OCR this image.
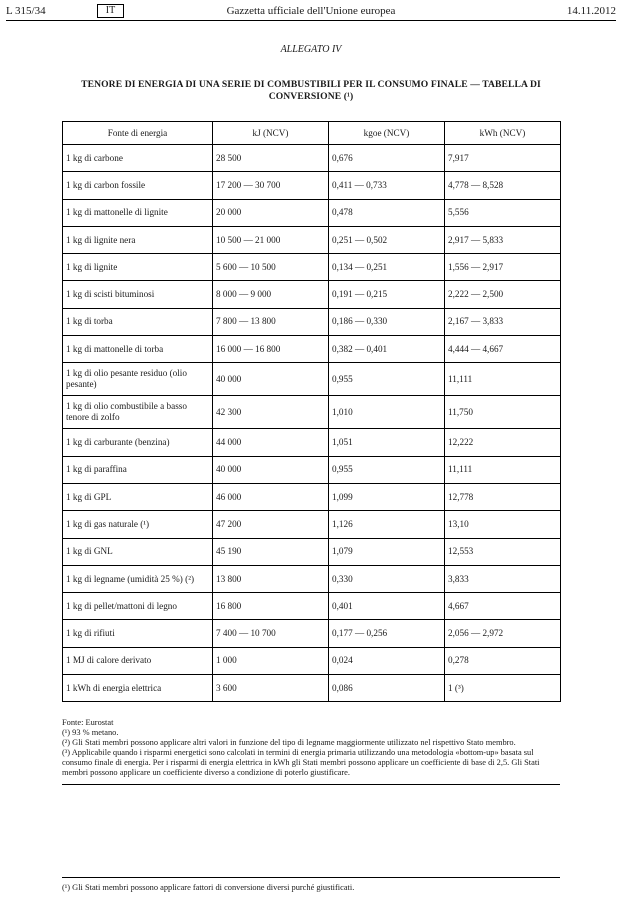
L 315/34	Gazzetta ufficiale dell'Unione europea
IT	14.11.2012
ALLEGATO IV
TENORE DI ENERGIA DI UNA SERIE DI COMBUSTIBILI PER IL CONSUMO FINALE — TABELLA DI CONVERSIONE (¹)
Fonte di energia	kJ (NCV)	kgoe (NCV)	kWh (NCV)
1 kg di carbone	28 500	0,676	7,917
1 kg di carbon fossile	17 200 — 30 700	0,411 — 0,733	4,778 — 8,528
1 kg di mattonelle di lignite	20 000	0,478	5,556
1 kg di lignite nera	10 500 — 21 000	0,251 — 0,502	2,917 — 5,833
1 kg di lignite	5 600 — 10 500	0,134 — 0,251	1,556 — 2,917
1 kg di scisti bituminosi	8 000 — 9 000	0,191 — 0,215	2,222 — 2,500
1 kg di torba	7 800 — 13 800	0,186 — 0,330	2,167 — 3,833
1 kg di mattonelle di torba	16 000 — 16 800	0,382 — 0,401	4,444 — 4,667
1 kg di olio pesante residuo (olio pesante)	40 000	0,955	11,111
1 kg di olio combustibile a basso tenore di zolfo	42 300	1,010	11,750
1 kg di carburante (benzina)	44 000	1,051	12,222
1 kg di paraffina	40 000	0,955	11,111
1 kg di GPL	46 000	1,099	12,778
1 kg di gas naturale (¹)	47 200	1,126	13,10
1 kg di GNL	45 190	1,079	12,553
1 kg di legname (umidità 25 %) (²)	13 800	0,330	3,833
1 kg di pellet/mattoni di legno	16 800	0,401	4,667
1 kg di rifiuti	7 400 — 10 700	0,177 — 0,256	2,056 — 2,972
1 MJ di calore derivato	1 000	0,024	0,278
1 kWh di energia elettrica	3 600	0,086	1 (³)

Fonte: Eurostat

(¹) 93 % metano.

(²) Gli Stati membri possono applicare altri valori in funzione del tipo di legname maggiormente utilizzato nel rispettivo Stato membro.

(³) Applicabile quando i risparmi energetici sono calcolati in termini di energia primaria utilizzando una metodologia «bottom-up» basata sul consumo finale di energia. Per i risparmi di energia elettrica in kWh gli Stati membri possono applicare un coefficiente di base di 2,5. Gli Stati membri possono applicare un coefficiente diverso a condizione di poterlo giustificare.

(¹) Gli Stati membri possono applicare fattori di conversione diversi purché giustificati.
